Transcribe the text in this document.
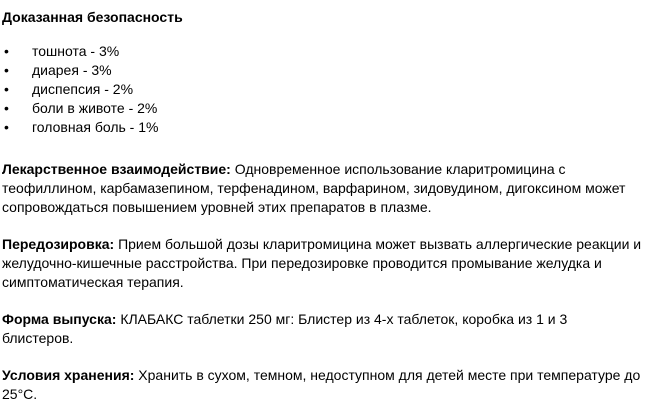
Доказанная безопасность

• тошнота - 3%
• диарея - 3%
• диспепсия - 2%
• боли в животе - 2%
• головная боль - 1%

Лекарственное взаимодействие: Одновременное использование кларитромицина с теофиллином, карбамазепином, терфенадином, варфарином, зидовудином, дигоксином может сопровождаться повышением уровней этих препаратов в плазме.

Передозировка: Прием большой дозы кларитромицина может вызвать аллергические реакции и желудочно-кишечные расстройства. При передозировке проводится промывание желудка и симптоматическая терапия.

Форма выпуска: КЛАБАКС таблетки 250 мг: Блистер из 4-х таблеток, коробка из 1 и 3 блистеров.

Условия хранения: Хранить в сухом, темном, недоступном для детей месте при температуре до 25°C.
